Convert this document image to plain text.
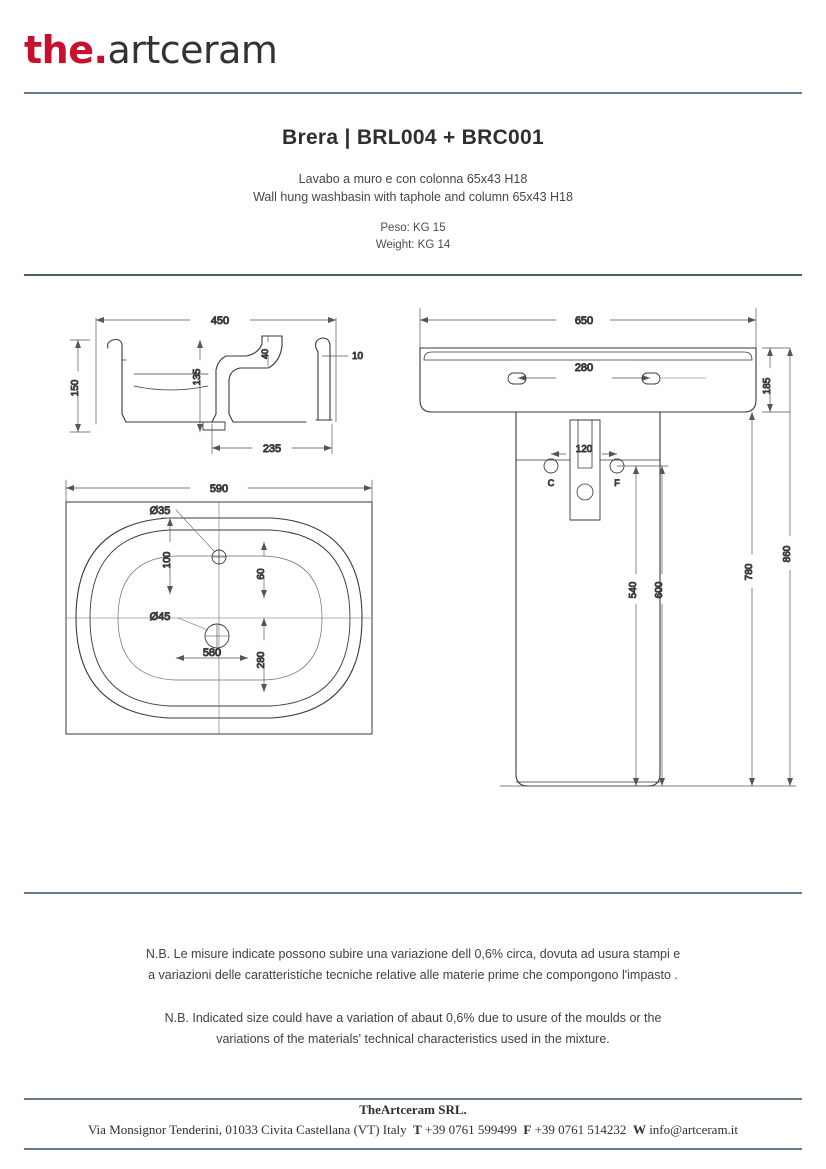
the.artceram
Brera | BRL004 + BRC001
Lavabo a muro e con colonna 65x43 H18
Wall hung washbasin with taphole and column 65x43 H18
Peso: KG 15
Weight: KG 14
450
150
135
40	10
235
590
Ø35
100
60
Ø45
580	280
650
280
185
C	F
120
540 600
780
860
N.B. Le misure indicate possono subire una variazione dell 0,6% circa, dovuta ad usura stampi e
a variazioni delle caratteristiche tecniche relative alle materie prime che compongono l'impasto .
N.B. Indicated size could have a variation of abaut 0,6% due to usure of the moulds or the
variations of the materials' technical characteristics used in the mixture.
TheArtceram SRL.
Via Monsignor Tenderini, 01033 Civita Castellana (VT) Italy T +39 0761 599499 F +39 0761 514232 W info@artceram.it
